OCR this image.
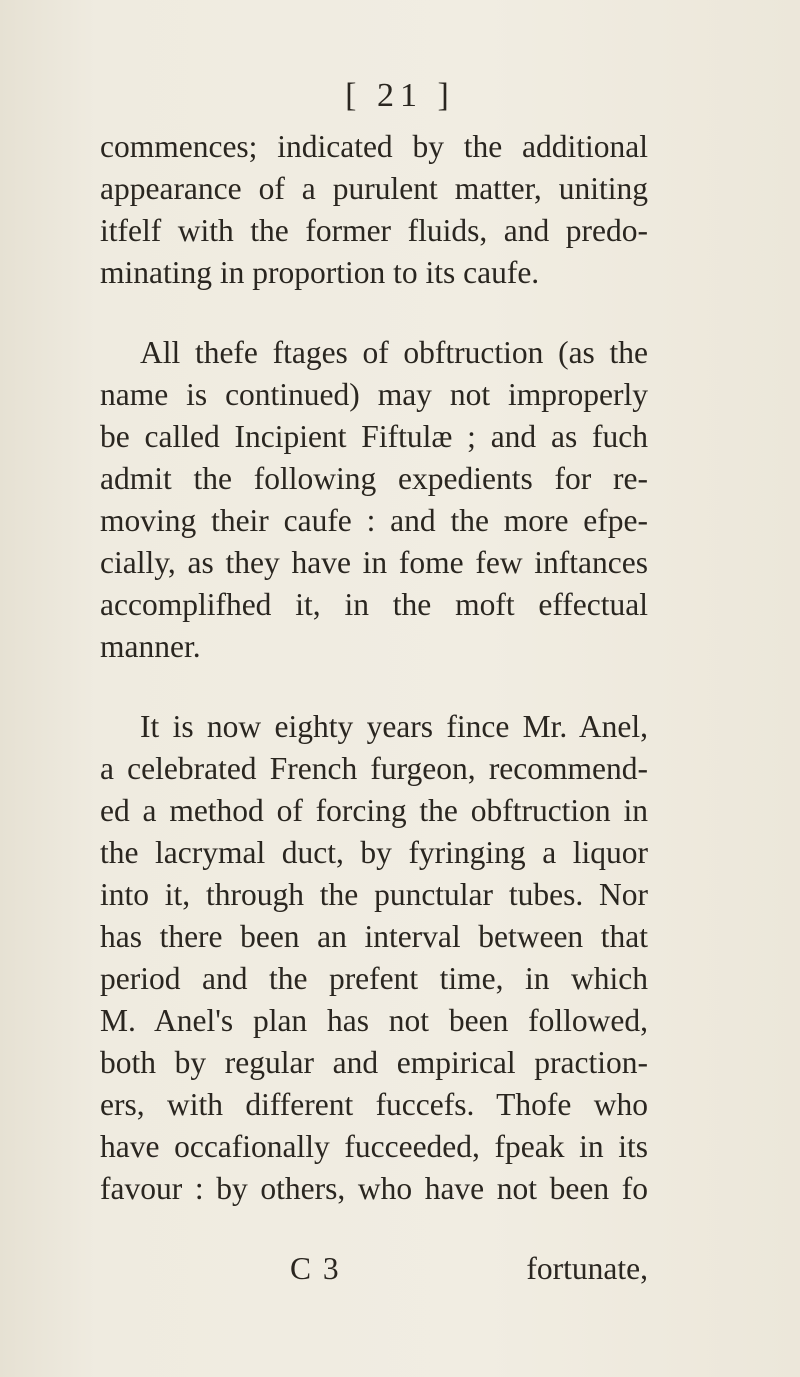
[ 21 ]

commences; indicated by the additional
appearance of a purulent matter, uniting
itfelf with the former fluids, and predo-
minating in proportion to its caufe.

All thefe ftages of obftruction (as the
name is continued) may not improperly
be called Incipient Fiftulæ ; and as fuch
admit the following expedients for re-
moving their caufe : and the more efpe-
cially, as they have in fome few inftances
accomplifhed it, in the moft effectual
manner.

It is now eighty years fince Mr. Anel,
a celebrated French furgeon, recommend-
ed a method of forcing the obftruction in
the lacrymal duct, by fyringing a liquor
into it, through the punctular tubes. Nor
has there been an interval between that
period and the prefent time, in which
M. Anel's plan has not been followed,
both by regular and empirical praction-
ers, with different fuccefs. Thofe who
have occafionally fucceeded, fpeak in its
favour : by others, who have not been fo

C 3	fortunate,
